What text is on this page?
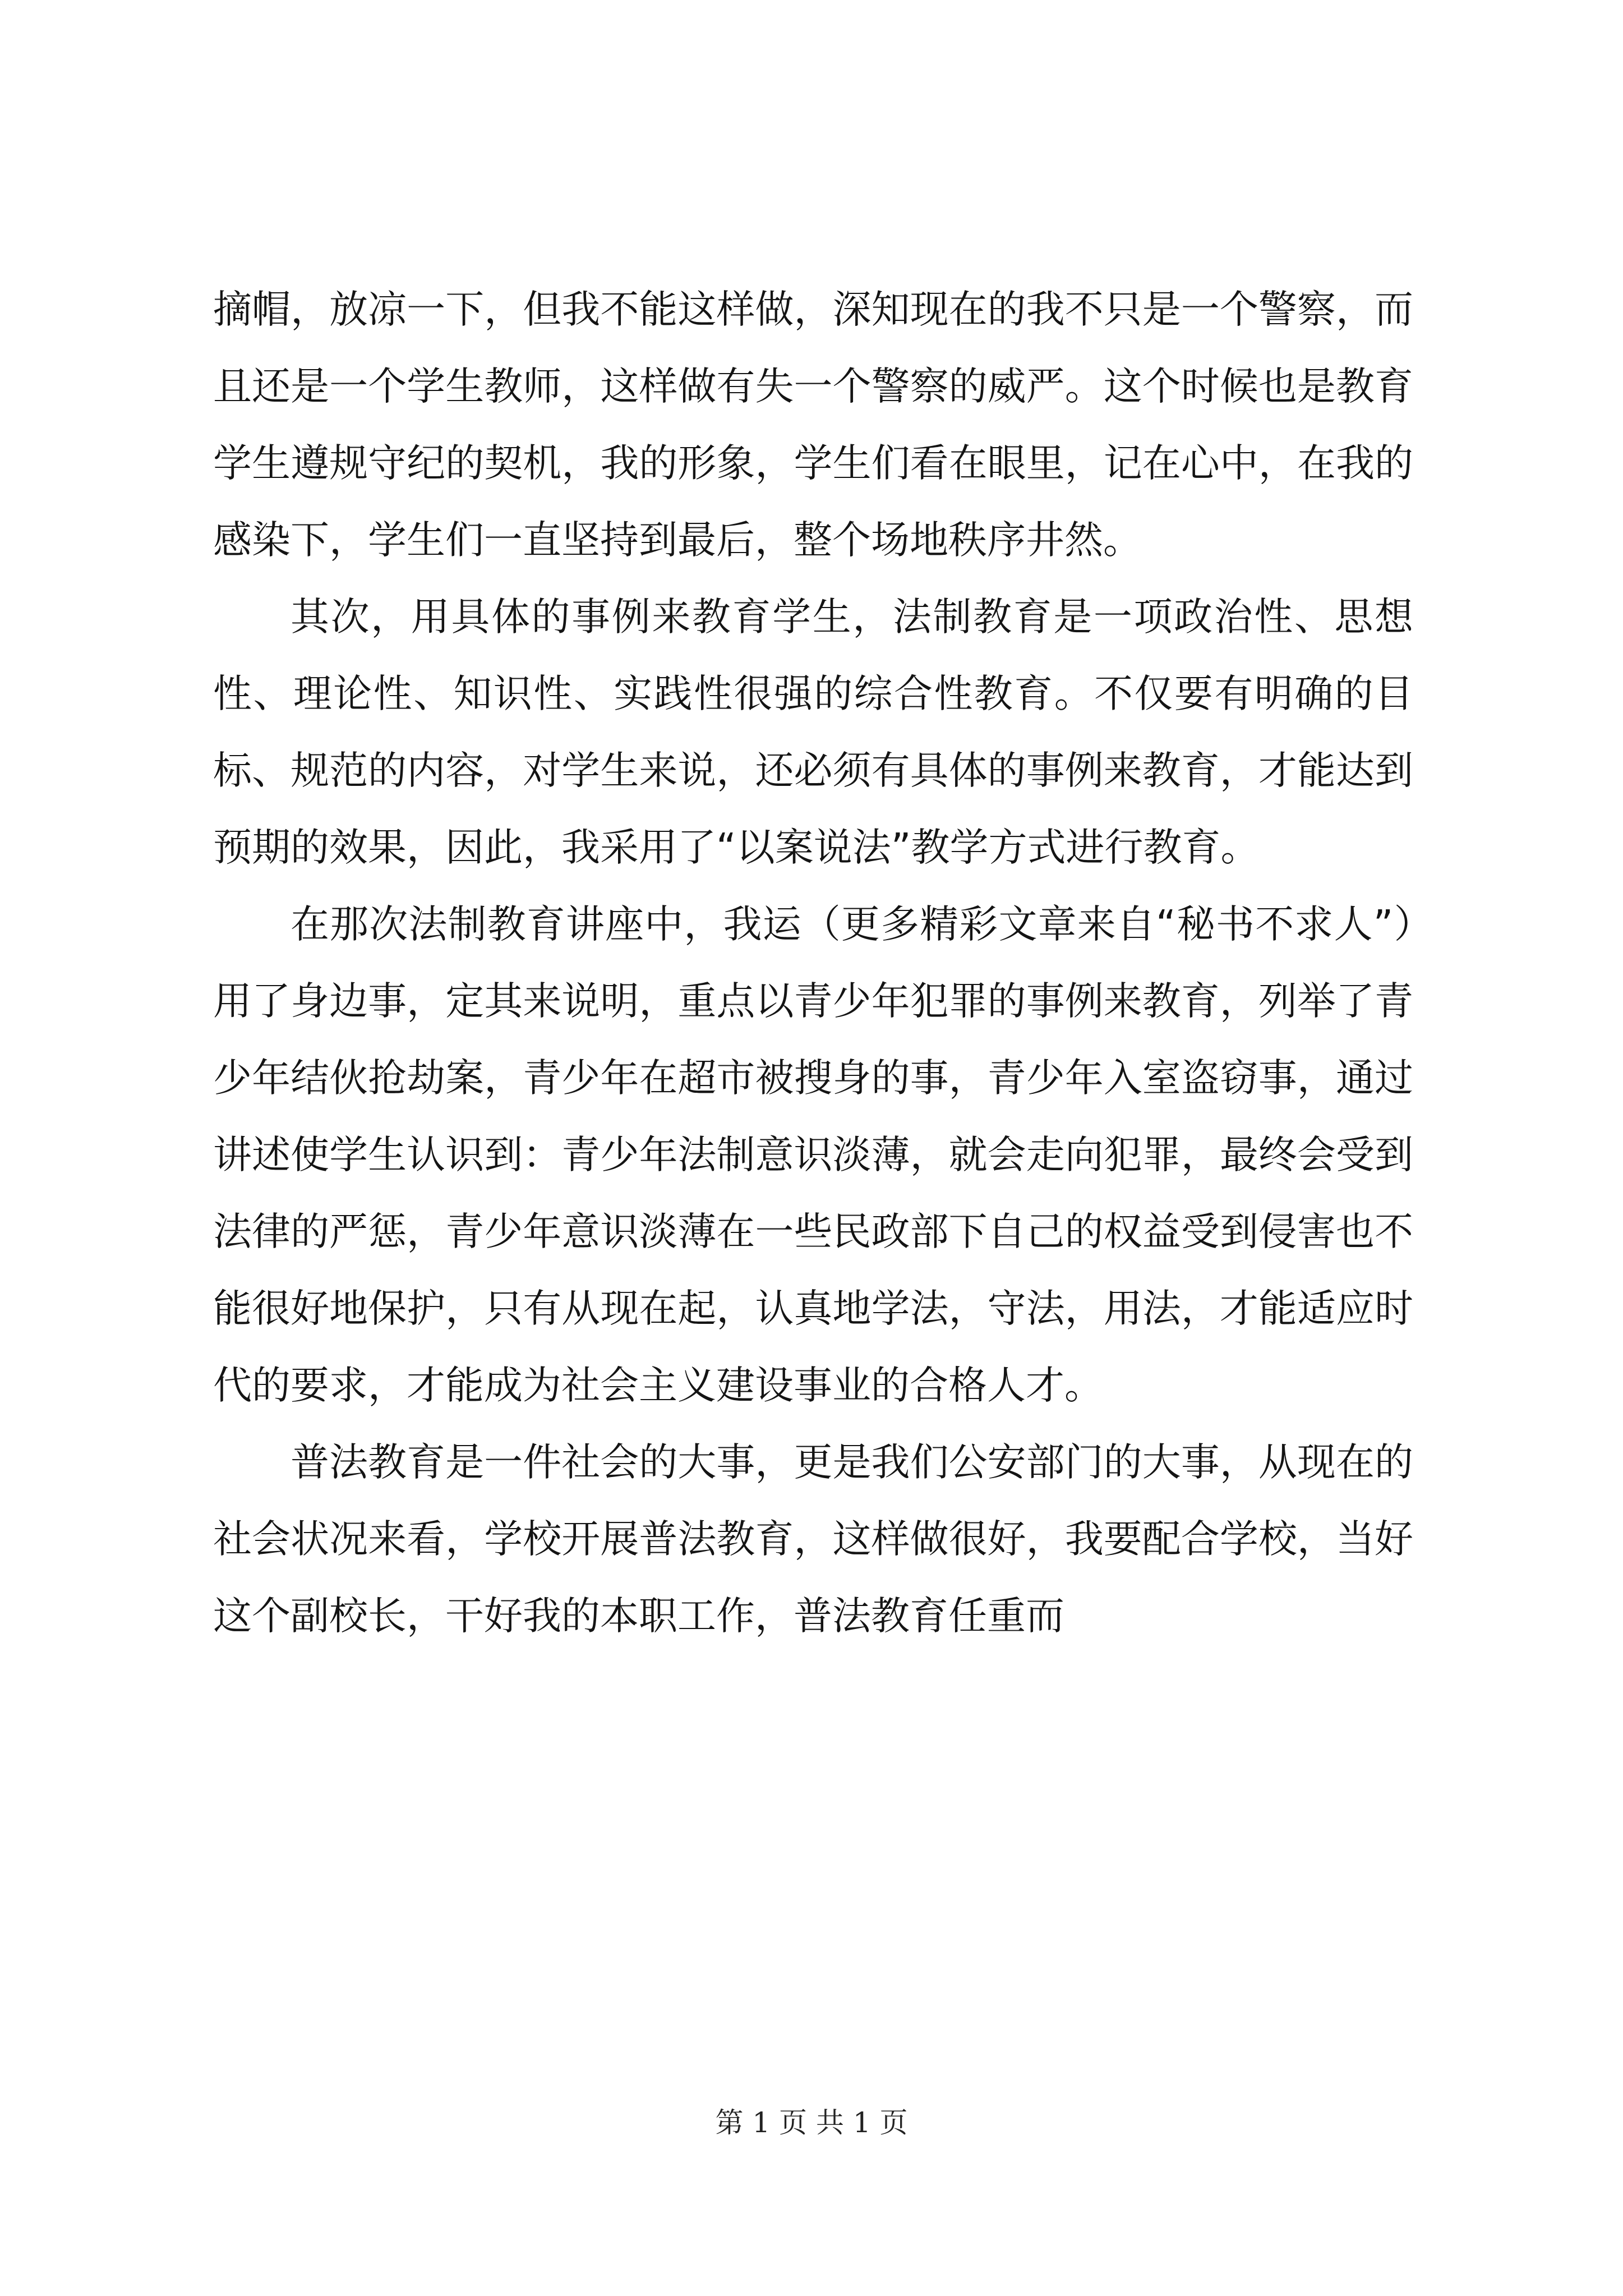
摘帽，放凉一下，但我不能这样做，深知现在的我不只是一个警察，而且还是一个学生教师，这样做有失一个警察的威严。这个时候也是教育学生遵规守纪的契机，我的形象，学生们看在眼里，记在心中，在我的感染下，学生们一直坚持到最后，整个场地秩序井然。

其次，用具体的事例来教育学生，法制教育是一项政治性、思想性、理论性、知识性、实践性很强的综合性教育。不仅要有明确的目标、规范的内容，对学生来说，还必须有具体的事例来教育，才能达到预期的效果，因此，我采用了“以案说法”教学方式进行教育。

在那次法制教育讲座中，我运（更多精彩文章来自“秘书不求人”）用了身边事，定其来说明，重点以青少年犯罪的事例来教育，列举了青少年结伙抢劫案，青少年在超市被搜身的事，青少年入室盗窃事，通过讲述使学生认识到：青少年法制意识淡薄，就会走向犯罪，最终会受到法律的严惩，青少年意识淡薄在一些民政部下自己的权益受到侵害也不能很好地保护，只有从现在起，认真地学法，守法，用法，才能适应时代的要求，才能成为社会主义建设事业的合格人才。

普法教育是一件社会的大事，更是我们公安部门的大事，从现在的社会状况来看，学校开展普法教育，这样做很好，我要配合学校，当好这个副校长，干好我的本职工作，普法教育任重而

第 1 页 共 1 页
